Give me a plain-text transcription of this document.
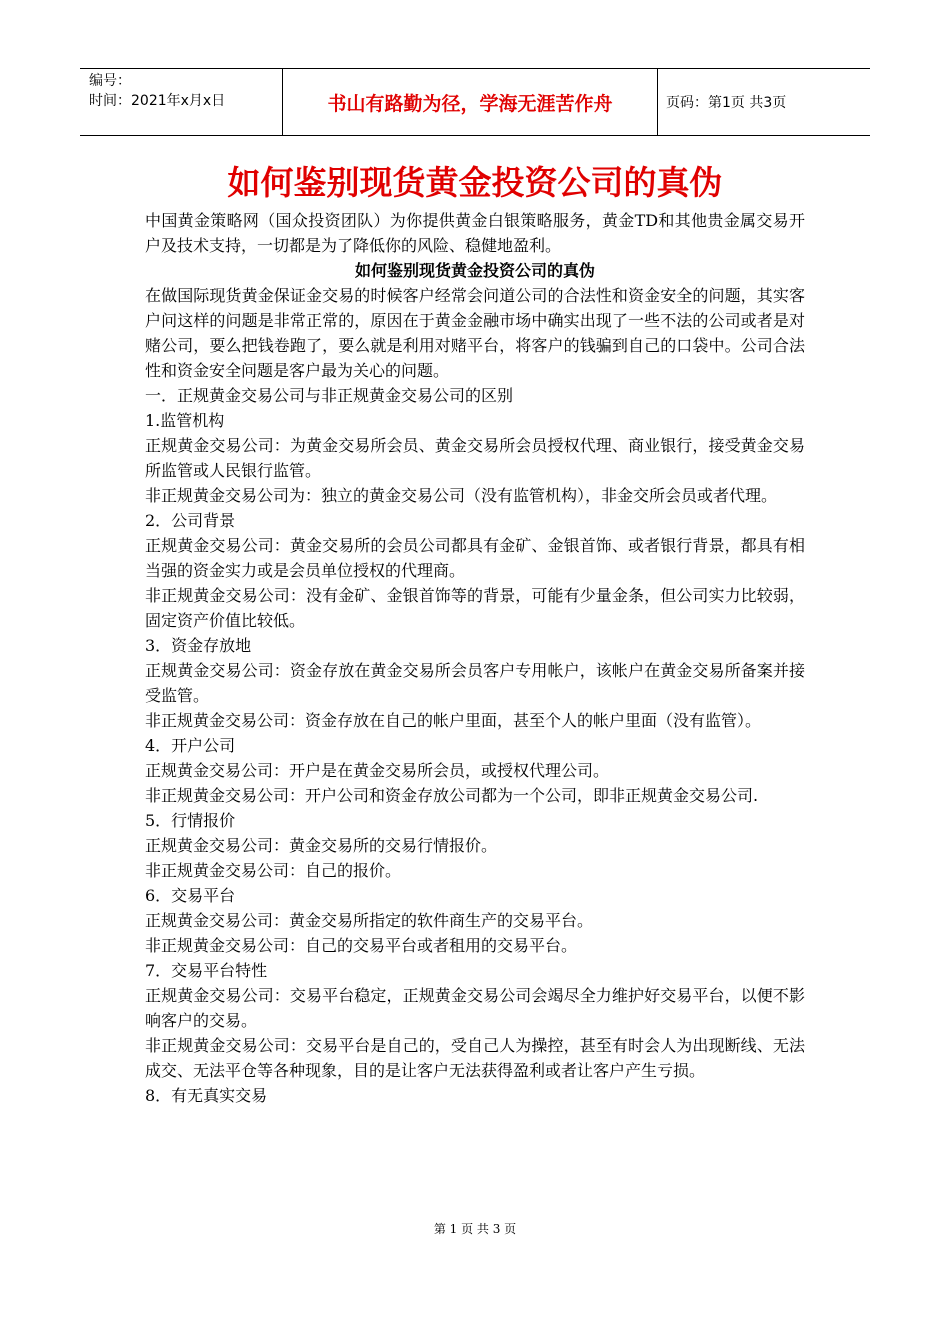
编号：
时间：2021年x月x日	书山有路勤为径，学海无涯苦作舟	页码：第1页 共3页
如何鉴别现货黄金投资公司的真伪

中国黄金策略网（国众投资团队）为你提供黄金白银策略服务，黄金TD和其他贵金属交易开户及技术支持，一切都是为了降低你的风险、稳健地盈利。

如何鉴别现货黄金投资公司的真伪

在做国际现货黄金保证金交易的时候客户经常会问道公司的合法性和资金安全的问题，其实客户问这样的问题是非常正常的，原因在于黄金金融市场中确实出现了一些不法的公司或者是对赌公司，要么把钱卷跑了，要么就是利用对赌平台，将客户的钱骗到自己的口袋中。公司合法性和资金安全问题是客户最为关心的问题。

一．正规黄金交易公司与非正规黄金交易公司的区别

1.监管机构

正规黄金交易公司：为黄金交易所会员、黄金交易所会员授权代理、商业银行，接受黄金交易所监管或人民银行监管。

非正规黄金交易公司为：独立的黄金交易公司（没有监管机构），非金交所会员或者代理。

2．公司背景

正规黄金交易公司：黄金交易所的会员公司都具有金矿、金银首饰、或者银行背景，都具有相当强的资金实力或是会员单位授权的代理商。

非正规黄金交易公司：没有金矿、金银首饰等的背景，可能有少量金条，但公司实力比较弱，固定资产价值比较低。

3．资金存放地

正规黄金交易公司：资金存放在黄金交易所会员客户专用帐户，该帐户在黄金交易所备案并接受监管。

非正规黄金交易公司：资金存放在自己的帐户里面，甚至个人的帐户里面（没有监管）。

4．开户公司

正规黄金交易公司：开户是在黄金交易所会员，或授权代理公司。

非正规黄金交易公司：开户公司和资金存放公司都为一个公司，即非正规黄金交易公司.

5．行情报价

正规黄金交易公司：黄金交易所的交易行情报价。

非正规黄金交易公司：自己的报价。

6．交易平台

正规黄金交易公司：黄金交易所指定的软件商生产的交易平台。

非正规黄金交易公司：自己的交易平台或者租用的交易平台。

7．交易平台特性

正规黄金交易公司：交易平台稳定，正规黄金交易公司会竭尽全力维护好交易平台，以便不影响客户的交易。

非正规黄金交易公司：交易平台是自己的，受自己人为操控，甚至有时会人为出现断线、无法成交、无法平仓等各种现象，目的是让客户无法获得盈利或者让客户产生亏损。

8．有无真实交易

第 1 页 共 3 页
